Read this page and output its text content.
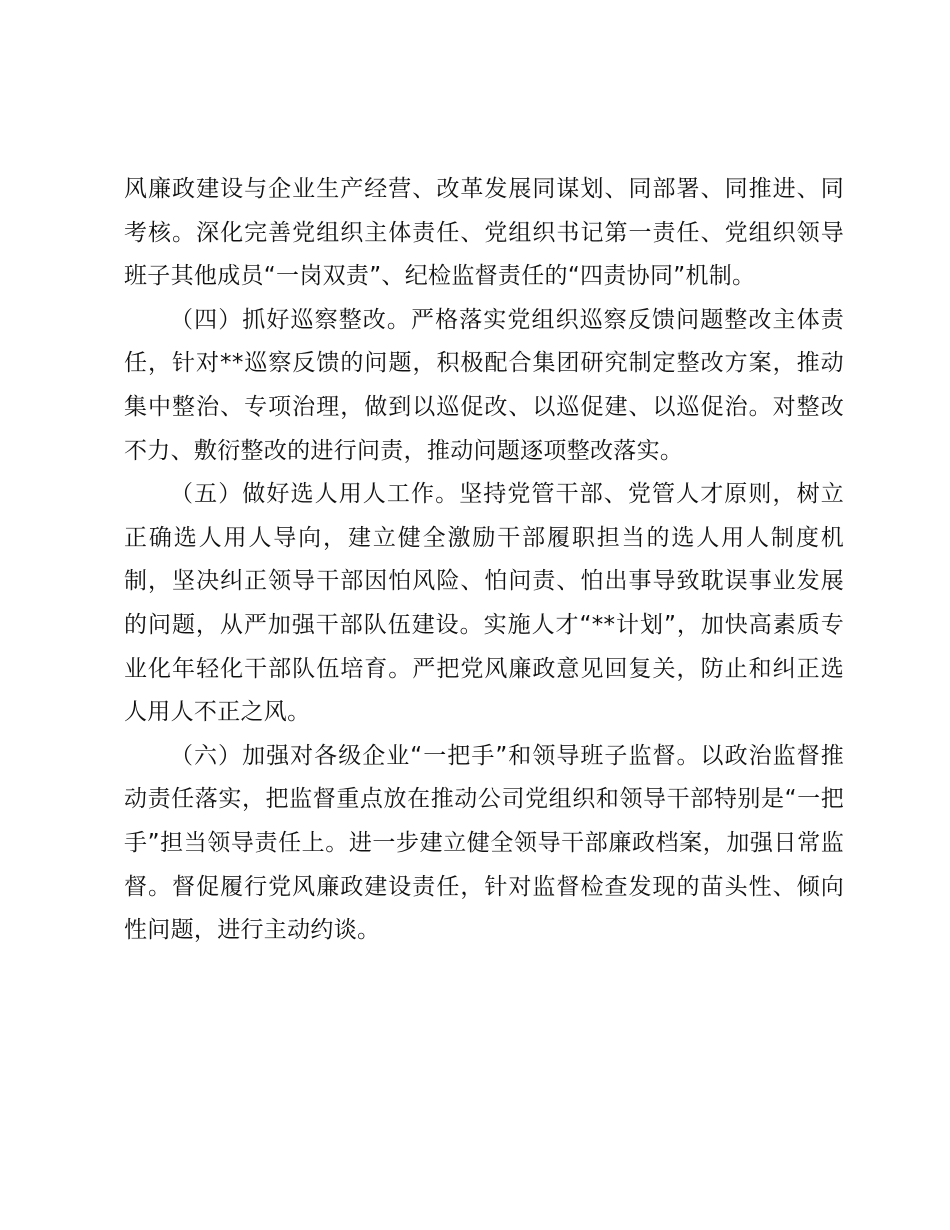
风廉政建设与企业生产经营、改革发展同谋划、同部署、同推进、同考核。深化完善党组织主体责任、党组织书记第一责任、党组织领导班子其他成员“一岗双责”、纪检监督责任的“四责协同”机制。

（四）抓好巡察整改。严格落实党组织巡察反馈问题整改主体责任，针对**巡察反馈的问题，积极配合集团研究制定整改方案，推动集中整治、专项治理，做到以巡促改、以巡促建、以巡促治。对整改不力、敷衍整改的进行问责，推动问题逐项整改落实。

（五）做好选人用人工作。坚持党管干部、党管人才原则，树立正确选人用人导向，建立健全激励干部履职担当的选人用人制度机制，坚决纠正领导干部因怕风险、怕问责、怕出事导致耽误事业发展的问题，从严加强干部队伍建设。实施人才“**计划”，加快高素质专业化年轻化干部队伍培育。严把党风廉政意见回复关，防止和纠正选人用人不正之风。

（六）加强对各级企业“一把手”和领导班子监督。以政治监督推动责任落实，把监督重点放在推动公司党组织和领导干部特别是“一把手”担当领导责任上。进一步建立健全领导干部廉政档案，加强日常监督。督促履行党风廉政建设责任，针对监督检查发现的苗头性、倾向性问题，进行主动约谈。
